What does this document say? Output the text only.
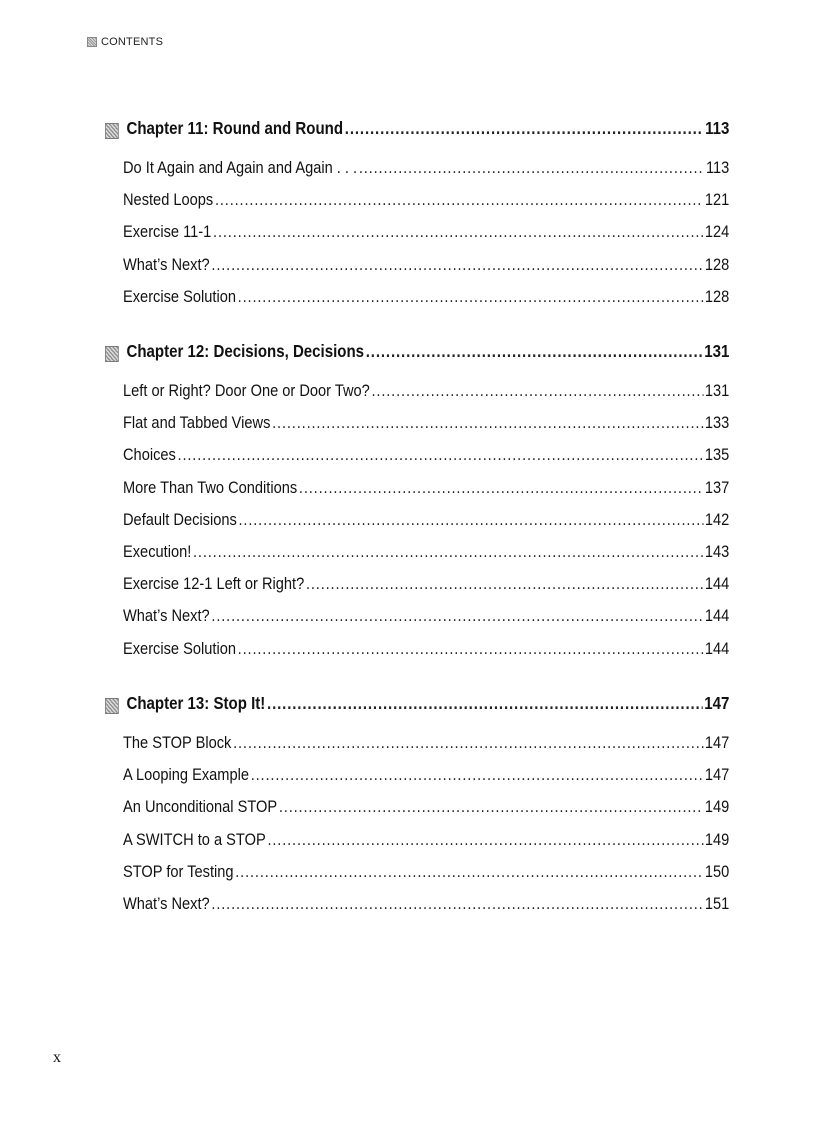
CONTENTS
Chapter 11: Round and Round .....	113
Do It Again and Again and Again . . . .....	113
Nested Loops .....	121
Exercise 11-1 .....	124
What’s Next? .....	128
Exercise Solution .....	128
Chapter 12: Decisions, Decisions .....	131
Left or Right? Door One or Door Two? .....	131
Flat and Tabbed Views .....	133
Choices .....	135
More Than Two Conditions .....	137
Default Decisions .....	142
Execution! .....	143
Exercise 12-1 Left or Right? .....	144
What’s Next? .....	144
Exercise Solution .....	144
Chapter 13: Stop It! .....	147
The STOP Block .....	147
A Looping Example .....	147
An Unconditional STOP .....	149
A SWITCH to a STOP .....	149
STOP for Testing .....	150
What’s Next? .....	151
x
